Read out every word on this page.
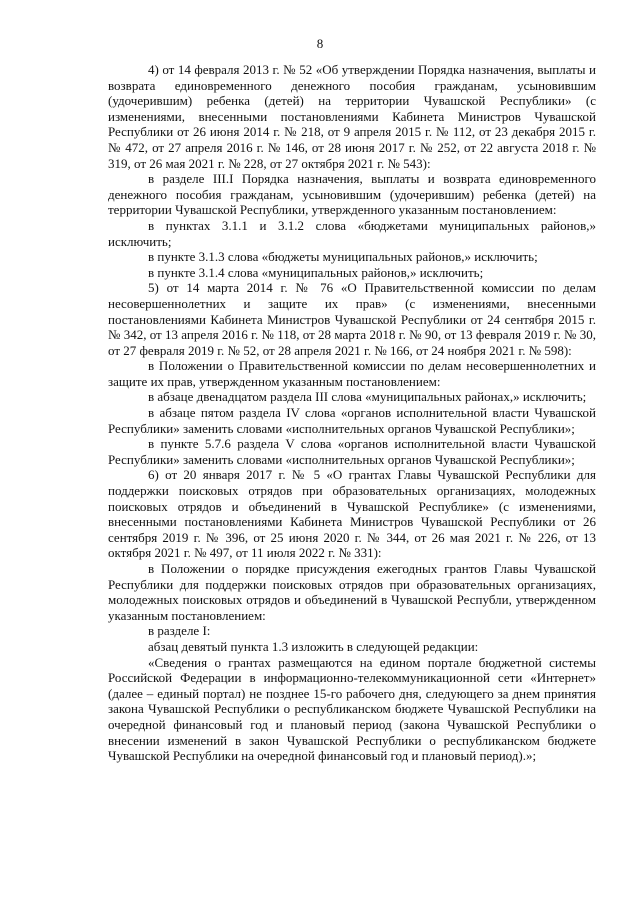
8

4) от 14 февраля 2013 г. № 52 «Об утверждении Порядка назначения, выплаты и возврата единовременного денежного пособия гражданам, усыновившим (удочерившим) ребенка (детей) на территории Чувашской Республики» (с изменениями, внесенными постановлениями Кабинета Министров Чувашской Республики от 26 июня 2014 г. № 218, от 9 апреля 2015 г. № 112, от 23 декабря 2015 г. № 472, от 27 апреля 2016 г. № 146, от 28 июня 2017 г. № 252, от 22 августа 2018 г. № 319, от 26 мая 2021 г. № 228, от 27 октября 2021 г. № 543):

в разделе III.I Порядка назначения, выплаты и возврата единовременного денежного пособия гражданам, усыновившим (удочерившим) ребенка (детей) на территории Чувашской Республики, утвержденного указанным постановлением:

в пунктах 3.1.1 и 3.1.2 слова «бюджетами муниципальных районов,» исключить;

в пункте 3.1.3 слова «бюджеты муниципальных районов,» исключить;

в пункте 3.1.4 слова «муниципальных районов,» исключить;

5) от 14 марта 2014 г. № 76 «О Правительственной комиссии по делам несовершеннолетних и защите их прав» (с изменениями, внесенными постановлениями Кабинета Министров Чувашской Республики от 24 сентября 2015 г. № 342, от 13 апреля 2016 г. № 118, от 28 марта 2018 г. № 90, от 13 февраля 2019 г. № 30, от 27 февраля 2019 г. № 52, от 28 апреля 2021 г. № 166, от 24 ноября 2021 г. № 598):

в Положении о Правительственной комиссии по делам несовершеннолетних и защите их прав, утвержденном указанным постановлением:

в абзаце двенадцатом раздела III слова «муниципальных районах,» исключить;

в абзаце пятом раздела IV слова «органов исполнительной власти Чувашской Республики» заменить словами «исполнительных органов Чувашской Республики»;

в пункте 5.7.6 раздела V слова «органов исполнительной власти Чувашской Республики» заменить словами «исполнительных органов Чувашской Республики»;

6) от 20 января 2017 г. № 5 «О грантах Главы Чувашской Республики для поддержки поисковых отрядов при образовательных организациях, молодежных поисковых отрядов и объединений в Чувашской Республике» (с изменениями, внесенными постановлениями Кабинета Министров Чувашской Республики от 26 сентября 2019 г. № 396, от 25 июня 2020 г. № 344, от 26 мая 2021 г. № 226, от 13 октября 2021 г. № 497, от 11 июля 2022 г. № 331):

в Положении о порядке присуждения ежегодных грантов Главы Чувашской Республики для поддержки поисковых отрядов при образовательных организациях, молодежных поисковых отрядов и объединений в Чувашской Республи, утвержденном указанным постановлением:

в разделе I:

абзац девятый пункта 1.3 изложить в следующей редакции:

«Сведения о грантах размещаются на едином портале бюджетной системы Российской Федерации в информационно-телекоммуникационной сети «Интернет» (далее – единый портал) не позднее 15-го рабочего дня, следующего за днем принятия закона Чувашской Республики о республиканском бюджете Чувашской Республики на очередной финансовый год и плановый период (закона Чувашской Республики о внесении изменений в закон Чувашской Республики о республиканском бюджете Чувашской Республики на очередной финансовый год и плановый период).»;
